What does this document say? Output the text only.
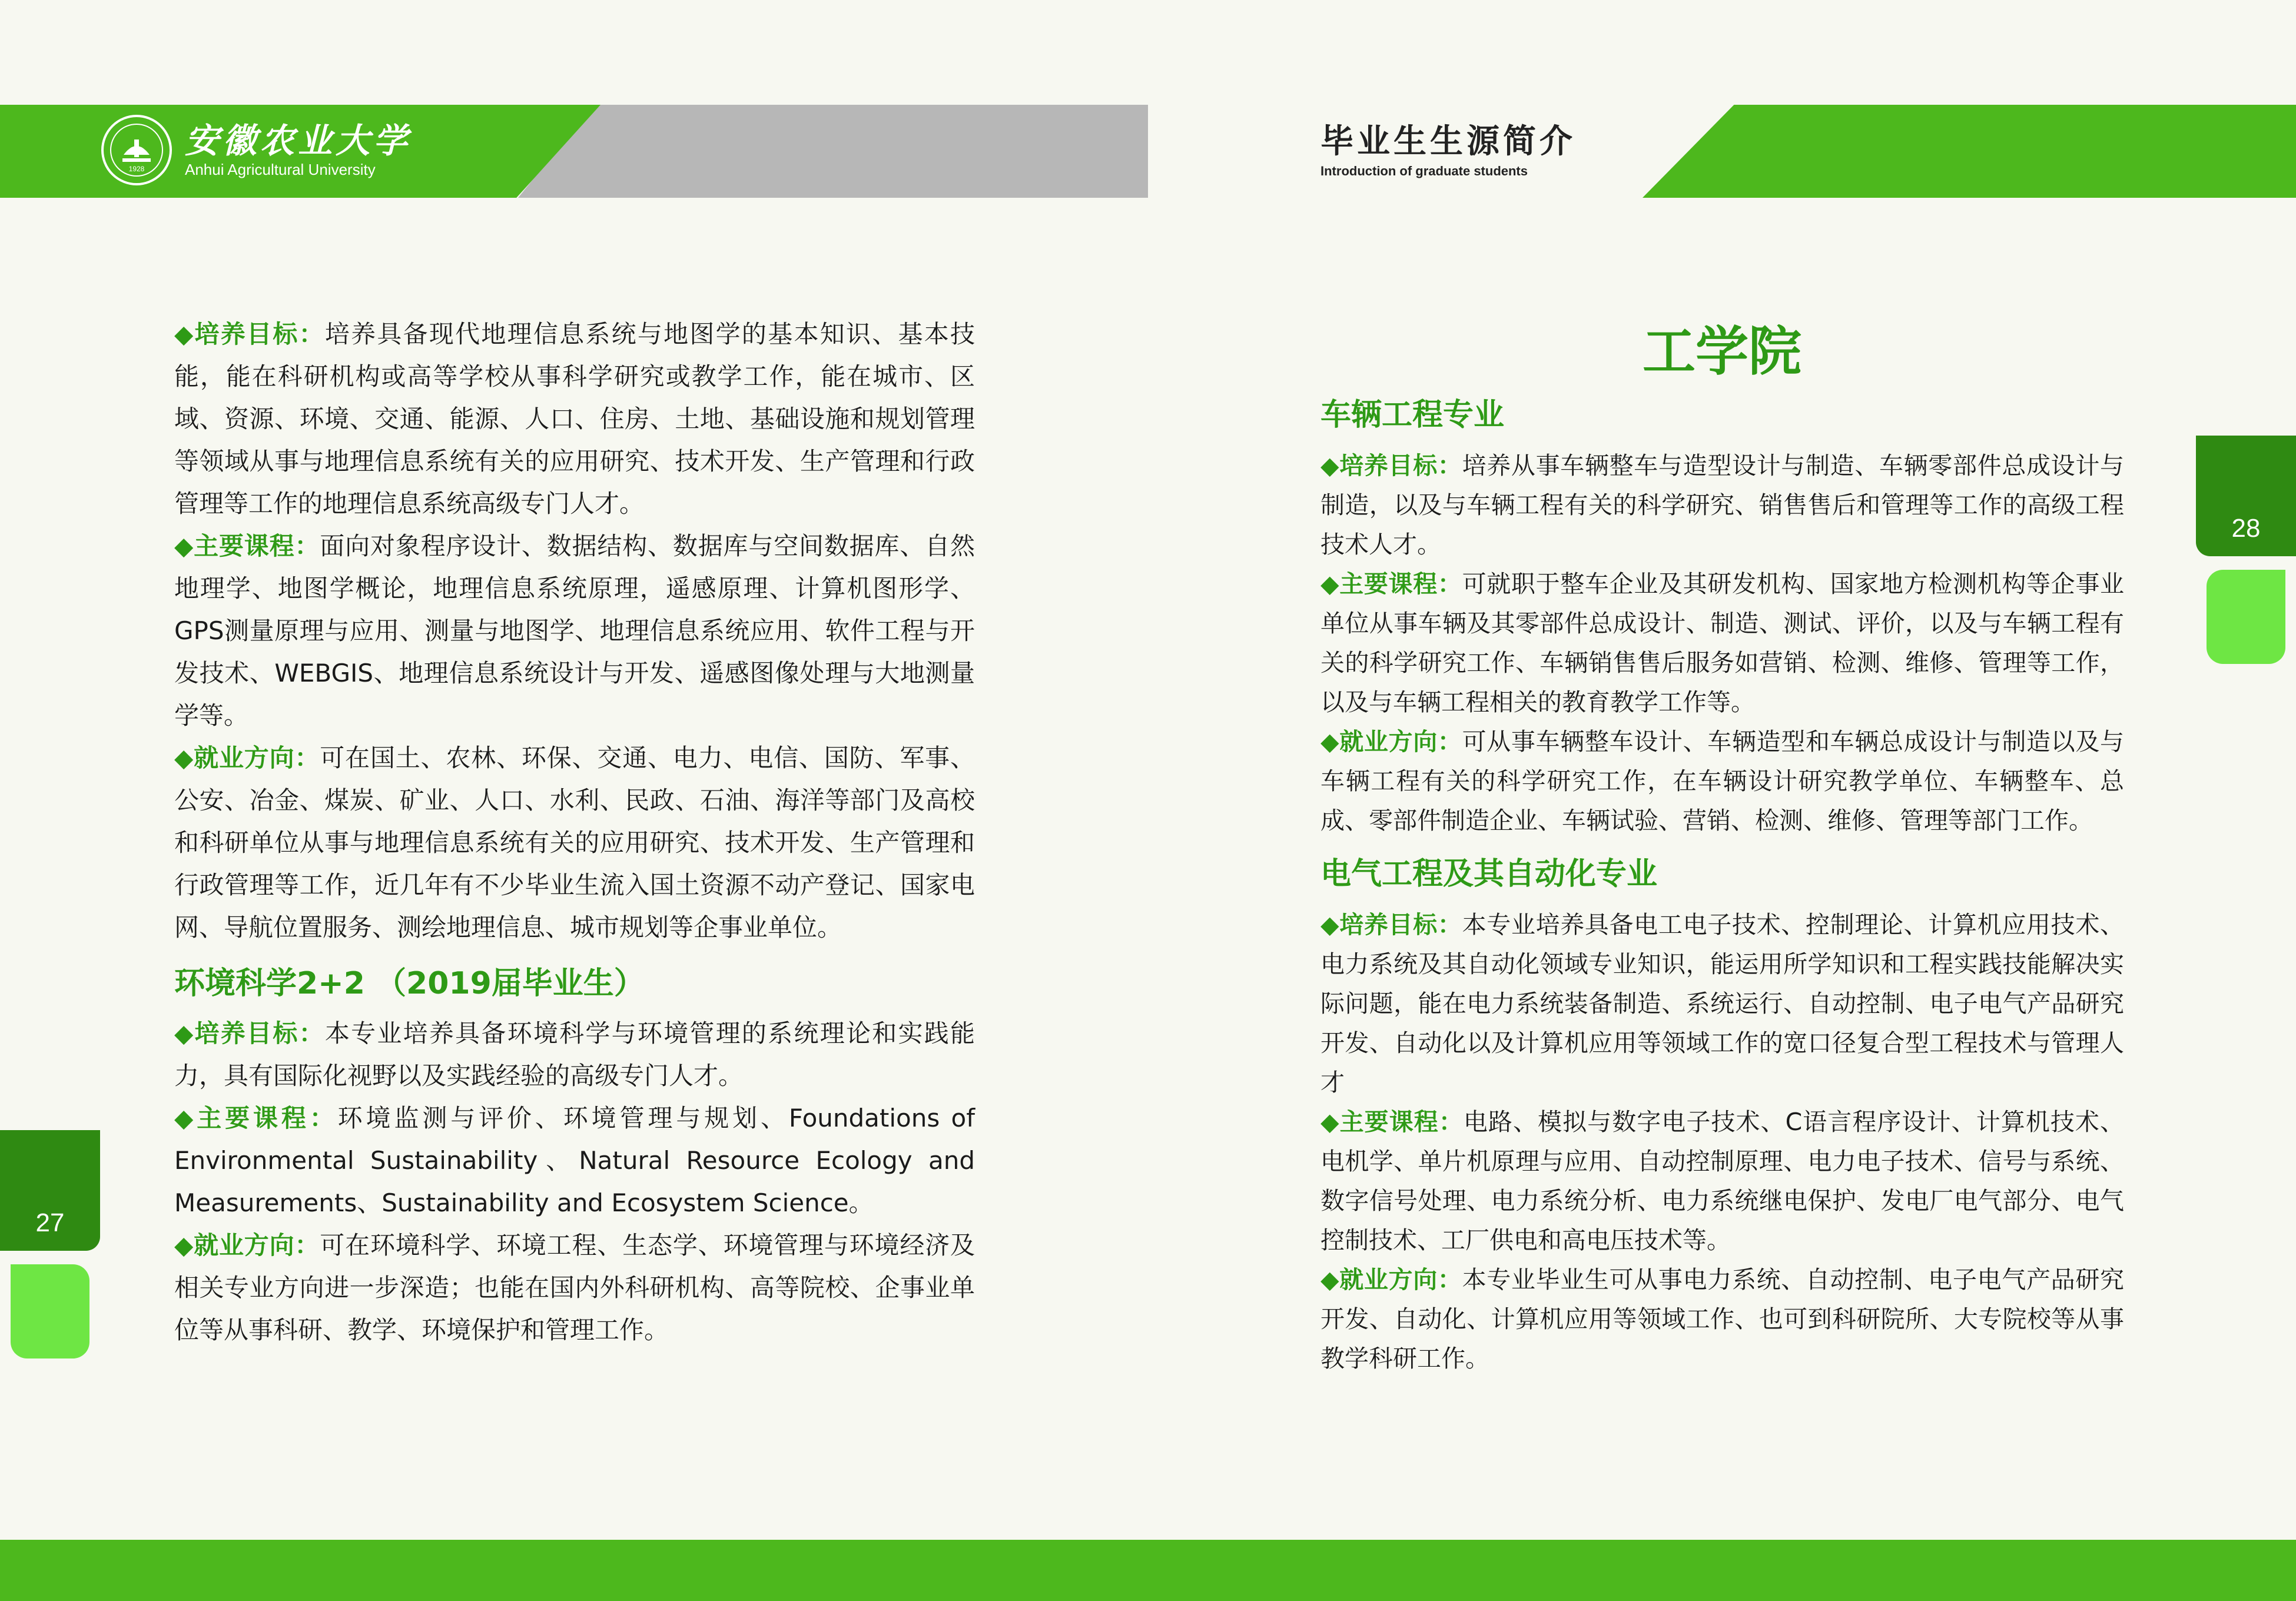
1928
安徽农业大学
Anhui Agricultural University
毕业生生源简介
Introduction of graduate students

◆培养目标：培养具备现代地理信息系统与地图学的基本知识、基本技能，能在科研机构或高等学校从事科学研究或教学工作，能在城市、区域、资源、环境、交通、能源、人口、住房、土地、基础设施和规划管理等领域从事与地理信息系统有关的应用研究、技术开发、生产管理和行政管理等工作的地理信息系统高级专门人才。

◆主要课程：面向对象程序设计、数据结构、数据库与空间数据库、自然地理学、地图学概论，地理信息系统原理，遥感原理、计算机图形学、GPS测量原理与应用、测量与地图学、地理信息系统应用、软件工程与开发技术、WEBGIS、地理信息系统设计与开发、遥感图像处理与大地测量学等。

◆就业方向：可在国土、农林、环保、交通、电力、电信、国防、军事、公安、冶金、煤炭、矿业、人口、水利、民政、石油、海洋等部门及高校和科研单位从事与地理信息系统有关的应用研究、技术开发、生产管理和行政管理等工作，近几年有不少毕业生流入国土资源不动产登记、国家电网、导航位置服务、测绘地理信息、城市规划等企事业单位。

环境科学2+2 （2019届毕业生）

◆培养目标：本专业培养具备环境科学与环境管理的系统理论和实践能力，具有国际化视野以及实践经验的高级专门人才。

◆主要课程：环境监测与评价、环境管理与规划、Foundations of Environmental Sustainability、Natural Resource Ecology and Measurements、Sustainability and Ecosystem Science。

◆就业方向：可在环境科学、环境工程、生态学、环境管理与环境经济及相关专业方向进一步深造；也能在国内外科研机构、高等院校、企事业单位等从事科研、教学、环境保护和管理工作。

27
工学院
车辆工程专业

◆培养目标：培养从事车辆整车与造型设计与制造、车辆零部件总成设计与制造，以及与车辆工程有关的科学研究、销售售后和管理等工作的高级工程技术人才。

◆主要课程：可就职于整车企业及其研发机构、国家地方检测机构等企事业单位从事车辆及其零部件总成设计、制造、测试、评价，以及与车辆工程有关的科学研究工作、车辆销售售后服务如营销、检测、维修、管理等工作，以及与车辆工程相关的教育教学工作等。

◆就业方向：可从事车辆整车设计、车辆造型和车辆总成设计与制造以及与车辆工程有关的科学研究工作，在车辆设计研究教学单位、车辆整车、总成、零部件制造企业、车辆试验、营销、检测、维修、管理等部门工作。

电气工程及其自动化专业

◆培养目标：本专业培养具备电工电子技术、控制理论、计算机应用技术、电力系统及其自动化领域专业知识，能运用所学知识和工程实践技能解决实际问题，能在电力系统装备制造、系统运行、自动控制、电子电气产品研究开发、自动化以及计算机应用等领域工作的宽口径复合型工程技术与管理人才

◆主要课程：电路、模拟与数字电子技术、C语言程序设计、计算机技术、电机学、单片机原理与应用、自动控制原理、电力电子技术、信号与系统、数字信号处理、电力系统分析、电力系统继电保护、发电厂电气部分、电气控制技术、工厂供电和高电压技术等。

◆就业方向：本专业毕业生可从事电力系统、自动控制、电子电气产品研究开发、自动化、计算机应用等领域工作、也可到科研院所、大专院校等从事教学科研工作。

28
